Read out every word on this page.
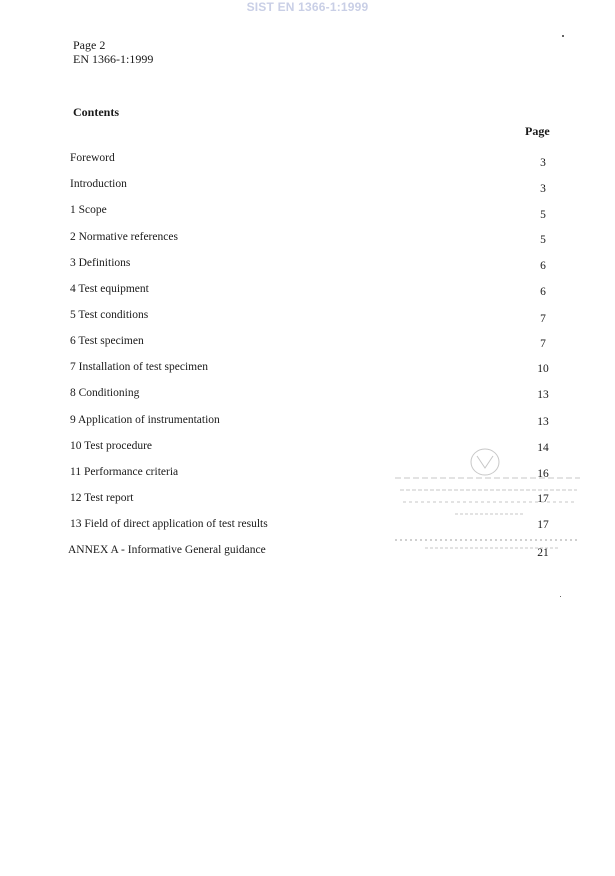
SIST EN 1366-1:1999
Page 2
EN 1366-1:1999
Contents
Page
Foreword	3
Introduction	3
1 Scope	5
2 Normative references	5
3 Definitions	6
4 Test equipment	6
5 Test conditions	7
6 Test specimen	7
7 Installation of test specimen	10
8 Conditioning	13
9 Application of instrumentation	13
10 Test procedure	14
11 Performance criteria	16
12 Test report	17
13 Field of direct application of test results	17
ANNEX A - Informative General guidance	21
